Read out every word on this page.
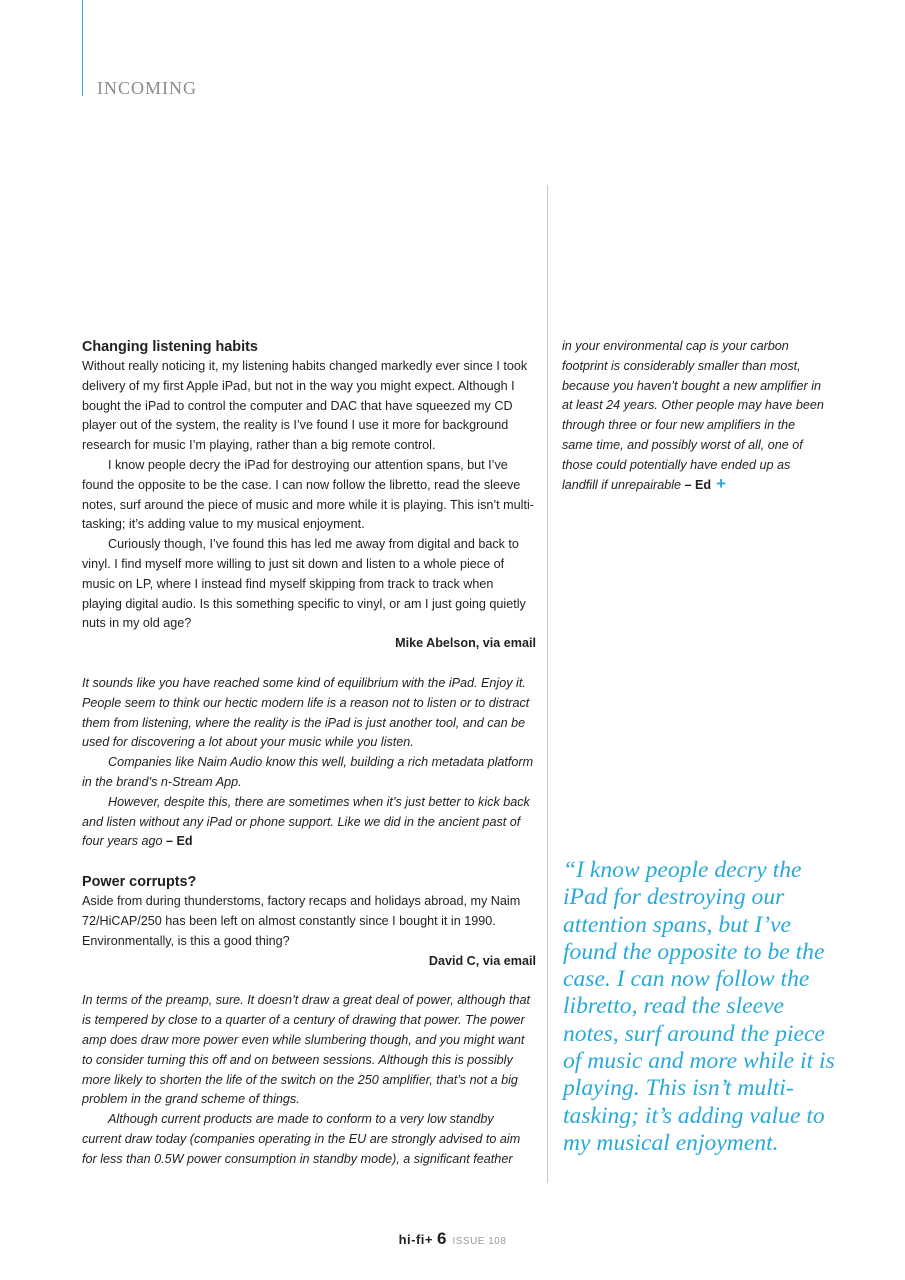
INCOMING
Changing listening habits

Without really noticing it, my listening habits changed markedly ever since I took delivery of my first Apple iPad, but not in the way you might expect. Although I bought the iPad to control the computer and DAC that have squeezed my CD player out of the system, the reality is I’ve found I use it more for background research for music I’m playing, rather than a big remote control.

I know people decry the iPad for destroying our attention spans, but I’ve found the opposite to be the case. I can now follow the libretto, read the sleeve notes, surf around the piece of music and more while it is playing. This isn’t multi-tasking; it’s adding value to my musical enjoyment.

Curiously though, I’ve found this has led me away from digital and back to vinyl. I find myself more willing to just sit down and listen to a whole piece of music on LP, where I instead find myself skipping from track to track when playing digital audio. Is this something specific to vinyl, or am I just going quietly nuts in my old age?

Mike Abelson, via email

It sounds like you have reached some kind of equilibrium with the iPad. Enjoy it. People seem to think our hectic modern life is a reason not to listen or to distract them from listening, where the reality is the iPad is just another tool, and can be used for discovering a lot about your music while you listen.

Companies like Naim Audio know this well, building a rich metadata platform in the brand’s n-Stream App.

However, despite this, there are sometimes when it’s just better to kick back and listen without any iPad or phone support. Like we did in the ancient past of four years ago – Ed

Power corrupts?

Aside from during thunderstoms, factory recaps and holidays abroad, my Naim 72/HiCAP/250 has been left on almost constantly since I bought it in 1990. Environmentally, is this a good thing?

David C, via email

In terms of the preamp, sure. It doesn’t draw a great deal of power, although that is tempered by close to a quarter of a century of drawing that power. The power amp does draw more power even while slumbering though, and you might want to consider turning this off and on between sessions. Although this is possibly more likely to shorten the life of the switch on the 250 amplifier, that’s not a big problem in the grand scheme of things.

Although current products are made to conform to a very low standby current draw today (companies operating in the EU are strongly advised to aim for less than 0.5W power consumption in standby mode), a significant feather

in your environmental cap is your carbon footprint is considerably smaller than most, because you haven’t bought a new amplifier in at least 24 years. Other people may have been through three or four new amplifiers in the same time, and possibly worst of all, one of those could potentially have ended up as landfill if unrepairable – Ed +

“I know people decry the iPad for destroying our attention spans, but I’ve found the opposite to be the case. I can now follow the libretto, read the sleeve notes, surf around the piece of music and more while it is playing. This isn’t multi-tasking; it’s adding value to my musical enjoyment.
hi-fi+ 6 ISSUE 108
